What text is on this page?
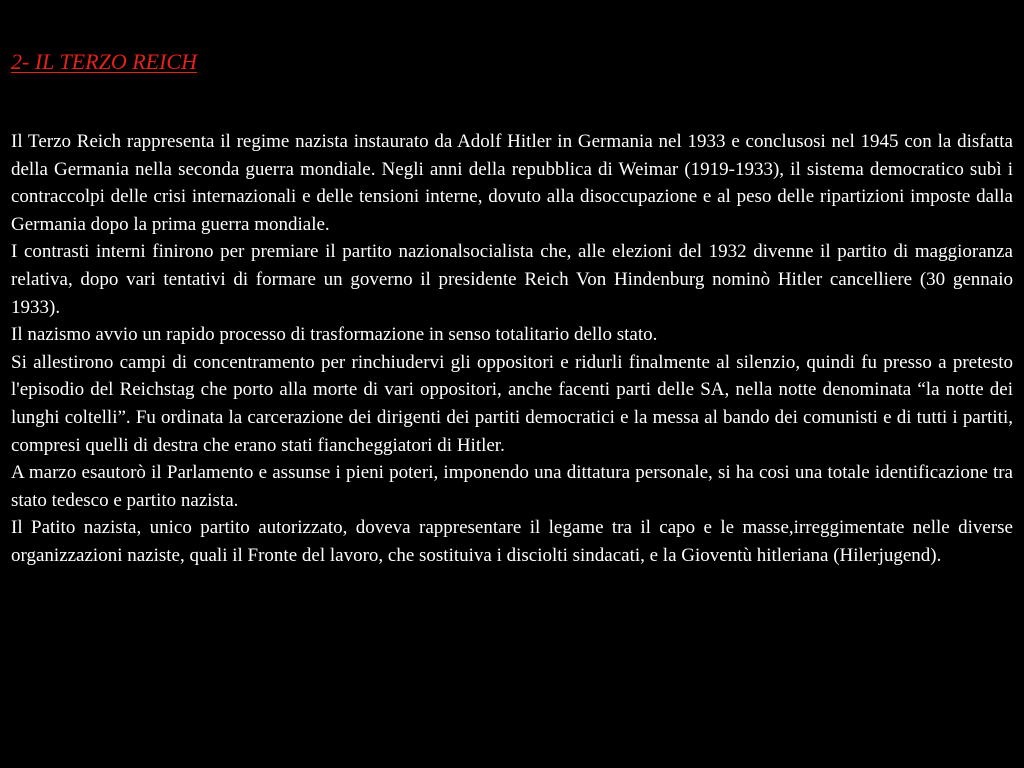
2- IL TERZO REICH

Il Terzo Reich rappresenta il regime nazista instaurato da Adolf Hitler in Germania nel 1933 e conclusosi nel 1945 con la disfatta della Germania nella seconda guerra mondiale. Negli anni della repubblica di Weimar (1919-1933), il sistema democratico subì i contraccolpi delle crisi internazionali e delle tensioni interne, dovuto alla disoccupazione e al peso delle ripartizioni imposte dalla Germania dopo la prima guerra mondiale.

I contrasti interni finirono per premiare il partito nazionalsocialista che, alle elezioni del 1932 divenne il partito di maggioranza relativa, dopo vari tentativi di formare un governo il presidente Reich Von Hindenburg nominò Hitler cancelliere (30 gennaio 1933).

Il nazismo avvio un rapido processo di trasformazione in senso totalitario dello stato.

Si allestirono campi di concentramento per rinchiudervi gli oppositori e ridurli finalmente al silenzio, quindi fu presso a pretesto l'episodio del Reichstag che porto alla morte di vari oppositori, anche facenti parti delle SA, nella notte denominata “la notte dei lunghi coltelli”. Fu ordinata la carcerazione dei dirigenti dei partiti democratici e la messa al bando dei comunisti e di tutti i partiti, compresi quelli di destra che erano stati fiancheggiatori di Hitler.

A marzo esautorò il Parlamento e assunse i pieni poteri, imponendo una dittatura personale, si ha cosi una totale identificazione tra stato tedesco e partito nazista.

Il Patito nazista, unico partito autorizzato, doveva rappresentare il legame tra il capo e le masse,irreggimentate nelle diverse organizzazioni naziste, quali il Fronte del lavoro, che sostituiva i disciolti sindacati, e la Gioventù hitleriana (Hilerjugend).
